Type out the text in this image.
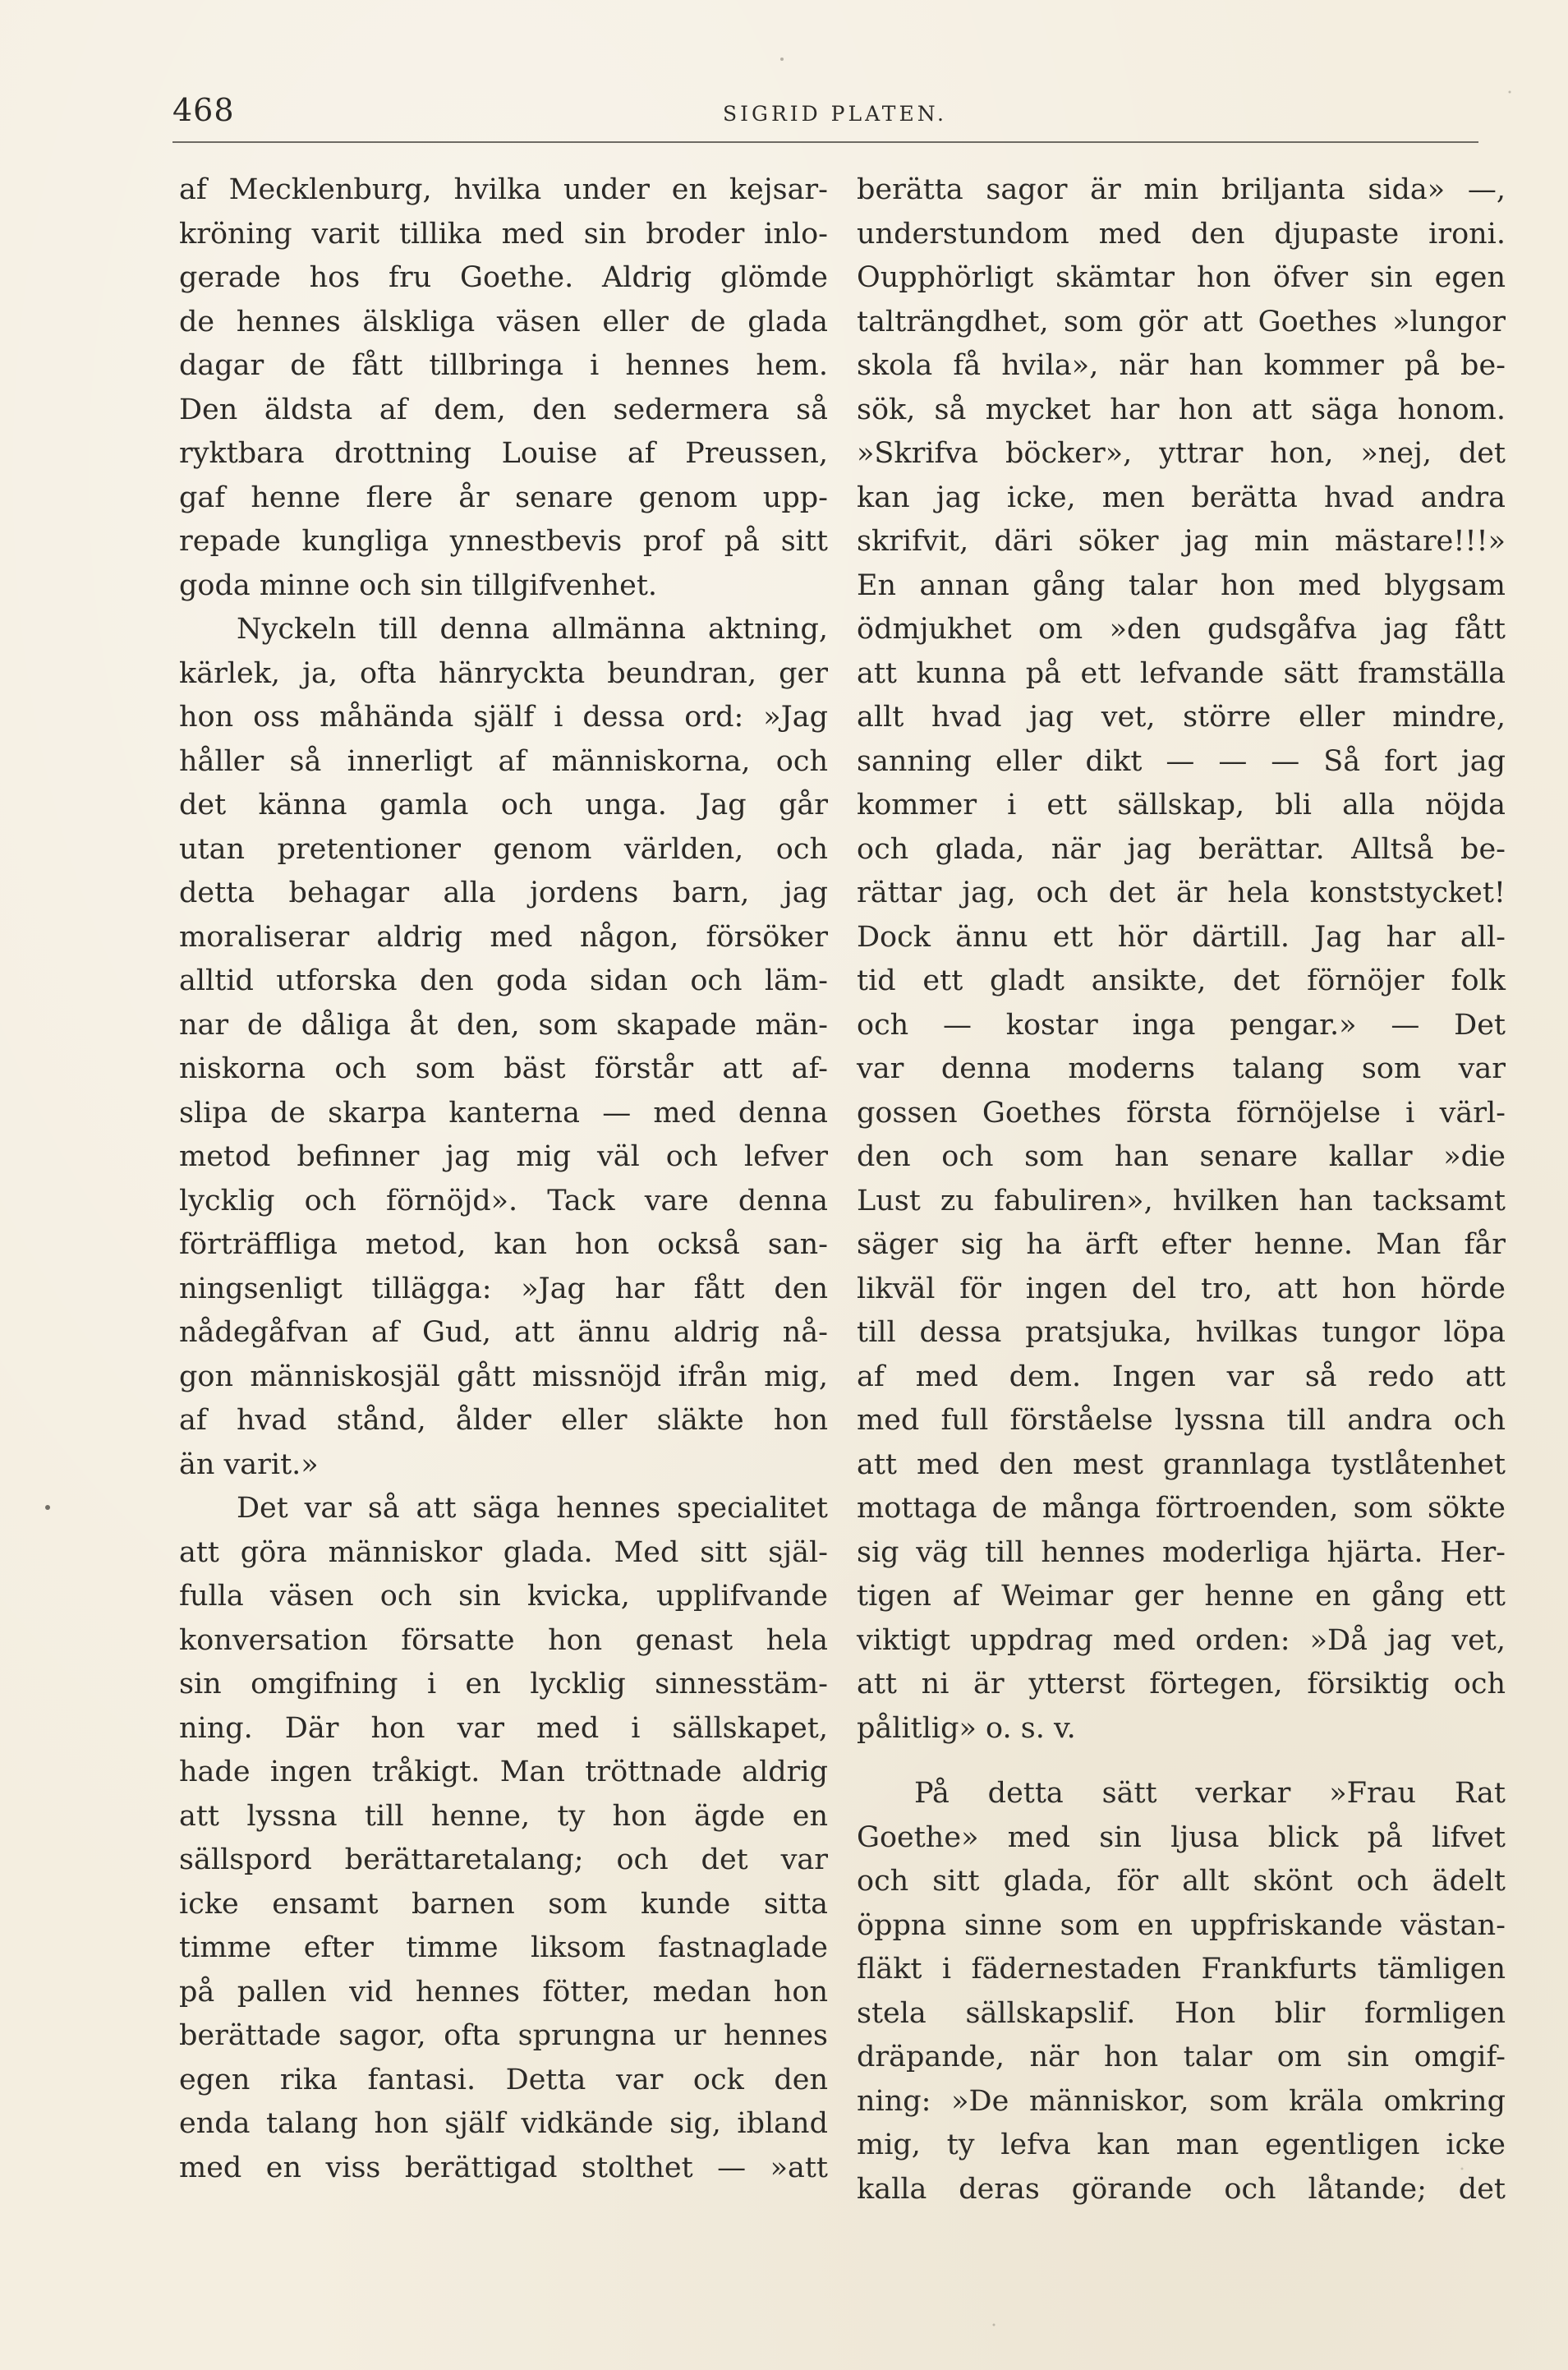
468	SIGRID PLATEN.
af Mecklenburg, hvilka under en kejsar-
kröning varit tillika med sin broder inlo-
gerade hos fru Goethe. Aldrig glömde
de hennes älskliga väsen eller de glada
dagar de fått tillbringa i hennes hem.
Den äldsta af dem, den sedermera så
ryktbara drottning Louise af Preussen,
gaf henne flere år senare genom upp-
repade kungliga ynnestbevis prof på sitt
goda minne och sin tillgifvenhet.
Nyckeln till denna allmänna aktning,
kärlek, ja, ofta hänryckta beundran, ger
hon oss måhända själf i dessa ord: »Jag
håller så innerligt af människorna, och
det känna gamla och unga. Jag går
utan pretentioner genom världen, och
detta behagar alla jordens barn, jag
moraliserar aldrig med någon, försöker
alltid utforska den goda sidan och läm-
nar de dåliga åt den, som skapade män-
niskorna och som bäst förstår att af-
slipa de skarpa kanterna — med denna
metod befinner jag mig väl och lefver
lycklig och förnöjd». Tack vare denna
förträffliga metod, kan hon också san-
ningsenligt tillägga: »Jag har fått den
nådegåfvan af Gud, att ännu aldrig nå-
gon människosjäl gått missnöjd ifrån mig,
af hvad stånd, ålder eller släkte hon
än varit.»
Det var så att säga hennes specialitet
att göra människor glada. Med sitt själ-
fulla väsen och sin kvicka, upplifvande
konversation försatte hon genast hela
sin omgifning i en lycklig sinnesstäm-
ning. Där hon var med i sällskapet,
hade ingen tråkigt. Man tröttnade aldrig
att lyssna till henne, ty hon ägde en
sällspord berättaretalang; och det var
icke ensamt barnen som kunde sitta
timme efter timme liksom fastnaglade
på pallen vid hennes fötter, medan hon
berättade sagor, ofta sprungna ur hennes
egen rika fantasi. Detta var ock den
enda talang hon själf vidkände sig, ibland
med en viss berättigad stolthet — »att
berätta sagor är min briljanta sida» —,
understundom med den djupaste ironi.
Oupphörligt skämtar hon öfver sin egen
talträngdhet, som gör att Goethes »lungor
skola få hvila», när han kommer på be-
sök, så mycket har hon att säga honom.
»Skrifva böcker», yttrar hon, »nej, det
kan jag icke, men berätta hvad andra
skrifvit, däri söker jag min mästare!!!»
En annan gång talar hon med blygsam
ödmjukhet om »den gudsgåfva jag fått
att kunna på ett lefvande sätt framställa
allt hvad jag vet, större eller mindre,
sanning eller dikt — — — Så fort jag
kommer i ett sällskap, bli alla nöjda
och glada, när jag berättar. Alltså be-
rättar jag, och det är hela konststycket!
Dock ännu ett hör därtill. Jag har all-
tid ett gladt ansikte, det förnöjer folk
och — kostar inga pengar.» — Det
var denna moderns talang som var
gossen Goethes första förnöjelse i värl-
den och som han senare kallar »die
Lust zu fabuliren», hvilken han tacksamt
säger sig ha ärft efter henne. Man får
likväl för ingen del tro, att hon hörde
till dessa pratsjuka, hvilkas tungor löpa
af med dem. Ingen var så redo att
med full förståelse lyssna till andra och
att med den mest grannlaga tystlåtenhet
mottaga de många förtroenden, som sökte
sig väg till hennes moderliga hjärta. Her-
tigen af Weimar ger henne en gång ett
viktigt uppdrag med orden: »Då jag vet,
att ni är ytterst förtegen, försiktig och
pålitlig» o. s. v.
På detta sätt verkar »Frau Rat
Goethe» med sin ljusa blick på lifvet
och sitt glada, för allt skönt och ädelt
öppna sinne som en uppfriskande västan-
fläkt i fädernestaden Frankfurts tämligen
stela sällskapslif. Hon blir formligen
dräpande, när hon talar om sin omgif-
ning: »De människor, som kräla omkring
mig, ty lefva kan man egentligen icke
kalla deras görande och låtande; det
